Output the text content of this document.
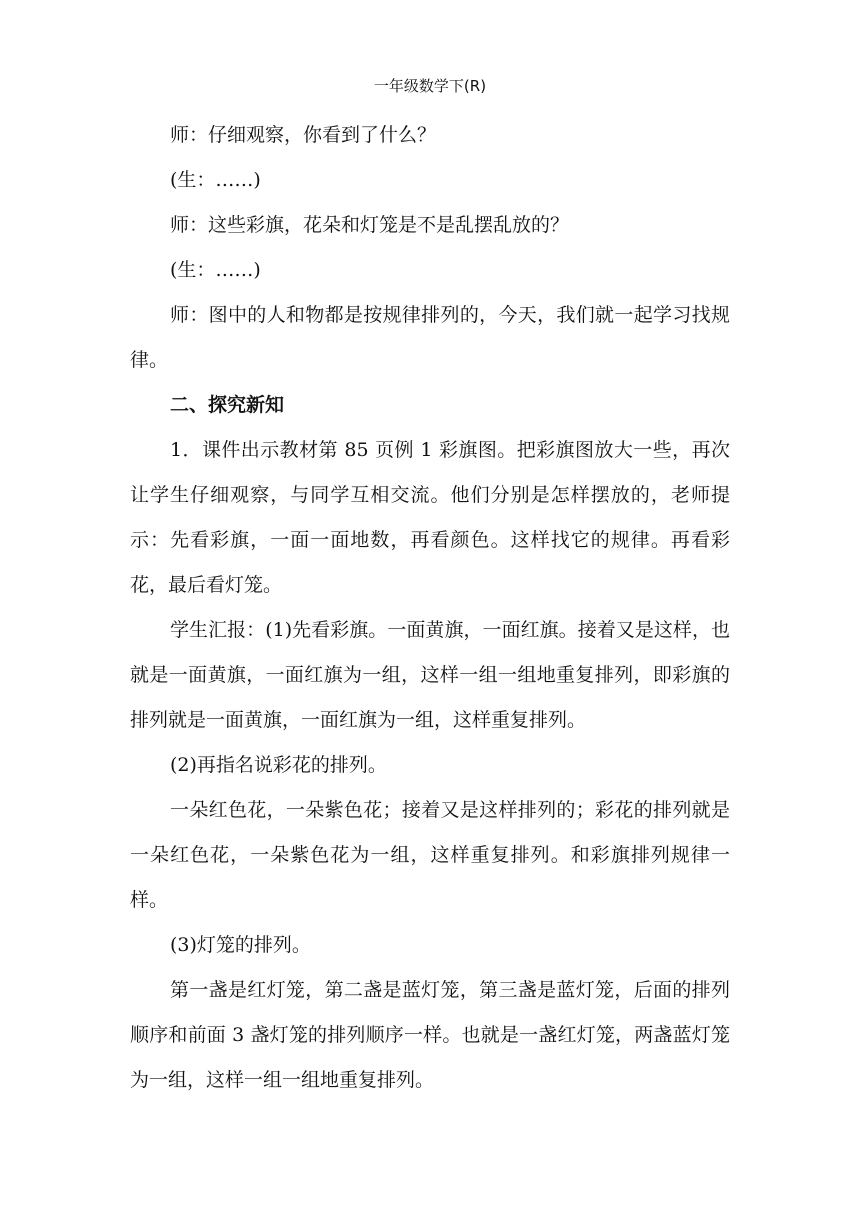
一年级数学下(R)

师：仔细观察，你看到了什么？

(生：……)

师：这些彩旗，花朵和灯笼是不是乱摆乱放的？

(生：……)

师：图中的人和物都是按规律排列的，今天，我们就一起学习找规律。

二、探究新知

1．课件出示教材第 85 页例 1 彩旗图。把彩旗图放大一些，再次让学生仔细观察，与同学互相交流。他们分别是怎样摆放的，老师提示：先看彩旗，一面一面地数，再看颜色。这样找它的规律。再看彩花，最后看灯笼。

学生汇报：(1)先看彩旗。一面黄旗，一面红旗。接着又是这样，也就是一面黄旗，一面红旗为一组，这样一组一组地重复排列，即彩旗的排列就是一面黄旗，一面红旗为一组，这样重复排列。

(2)再指名说彩花的排列。

一朵红色花，一朵紫色花；接着又是这样排列的；彩花的排列就是一朵红色花，一朵紫色花为一组，这样重复排列。和彩旗排列规律一样。

(3)灯笼的排列。

第一盏是红灯笼，第二盏是蓝灯笼，第三盏是蓝灯笼，后面的排列顺序和前面 3 盏灯笼的排列顺序一样。也就是一盏红灯笼，两盏蓝灯笼为一组，这样一组一组地重复排列。
